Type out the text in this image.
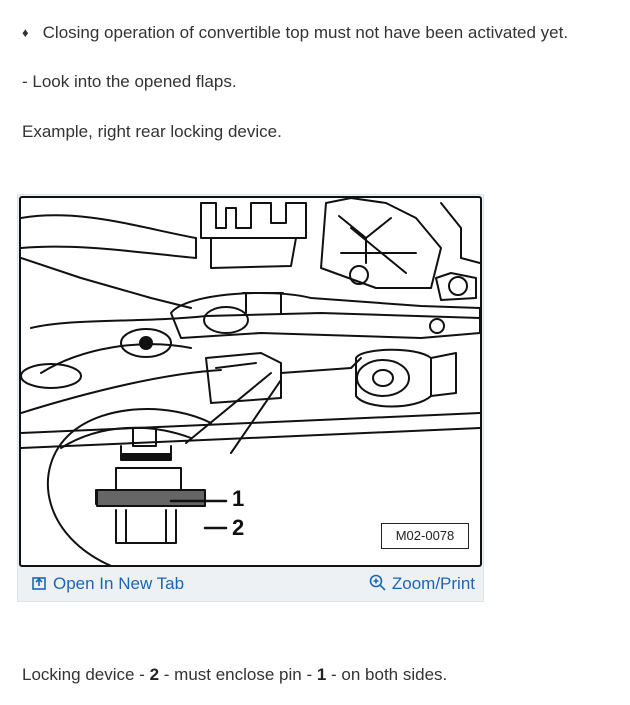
♦ Closing operation of convertible top must not have been activated yet.
- Look into the opened flaps.
Example, right rear locking device.
1
2	M02-0078
Open In New Tab	Zoom/Print
Locking device - 2 - must enclose pin - 1 - on both sides.
